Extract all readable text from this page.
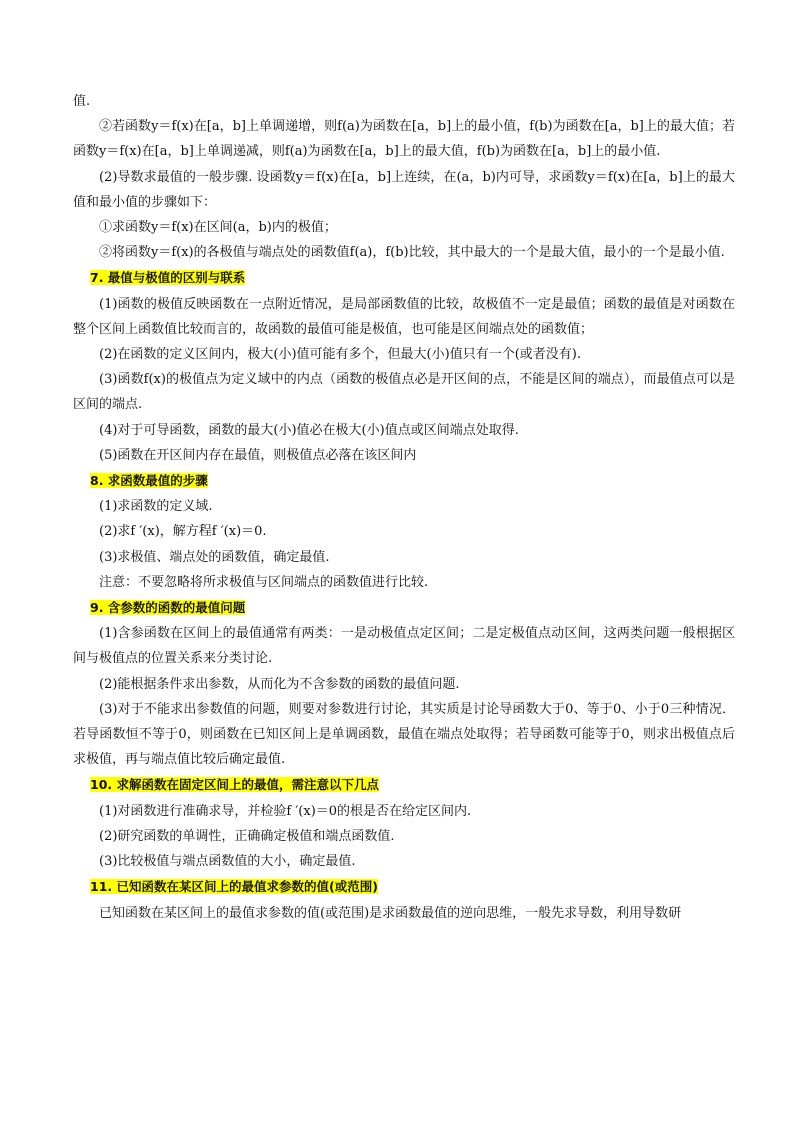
值.

②若函数y＝f(x)在[a，b]上单调递增，则f(a)为函数在[a，b]上的最小值，f(b)为函数在[a，b]上的最大值；若函数y＝f(x)在[a，b]上单调递减，则f(a)为函数在[a，b]上的最大值，f(b)为函数在[a，b]上的最小值.

(2)导数求最值的一般步骤. 设函数y＝f(x)在[a，b]上连续，在(a，b)内可导，求函数y＝f(x)在[a，b]上的最大值和最小值的步骤如下：

①求函数y＝f(x)在区间(a，b)内的极值；

②将函数y＝f(x)的各极值与端点处的函数值f(a)，f(b)比较，其中最大的一个是最大值，最小的一个是最小值.

7. 最值与极值的区别与联系

(1)函数的极值反映函数在一点附近情况，是局部函数值的比较，故极值不一定是最值；函数的最值是对函数在整个区间上函数值比较而言的，故函数的最值可能是极值，也可能是区间端点处的函数值；

(2)在函数的定义区间内，极大(小)值可能有多个，但最大(小)值只有一个(或者没有).

(3)函数f(x)的极值点为定义域中的内点（函数的极值点必是开区间的点，不能是区间的端点），而最值点可以是区间的端点.

(4)对于可导函数，函数的最大(小)值必在极大(小)值点或区间端点处取得.

(5)函数在开区间内存在最值，则极值点必落在该区间内

8. 求函数最值的步骤

(1)求函数的定义域.

(2)求f ′(x)，解方程f ′(x)＝0.

(3)求极值、端点处的函数值，确定最值.

注意：不要忽略将所求极值与区间端点的函数值进行比较.

9. 含参数的函数的最值问题

(1)含参函数在区间上的最值通常有两类：一是动极值点定区间；二是定极值点动区间，这两类问题一般根据区间与极值点的位置关系来分类讨论.

(2)能根据条件求出参数，从而化为不含参数的函数的最值问题.

(3)对于不能求出参数值的问题，则要对参数进行讨论，其实质是讨论导函数大于0、等于0、小于0三种情况．若导函数恒不等于0，则函数在已知区间上是单调函数，最值在端点处取得；若导函数可能等于0，则求出极值点后求极值，再与端点值比较后确定最值.

10. 求解函数在固定区间上的最值，需注意以下几点

(1)对函数进行准确求导，并检验f ′(x)＝0的根是否在给定区间内.

(2)研究函数的单调性，正确确定极值和端点函数值.

(3)比较极值与端点函数值的大小，确定最值.

11. 已知函数在某区间上的最值求参数的值(或范围)

已知函数在某区间上的最值求参数的值(或范围)是求函数最值的逆向思维，一般先求导数，利用导数研
